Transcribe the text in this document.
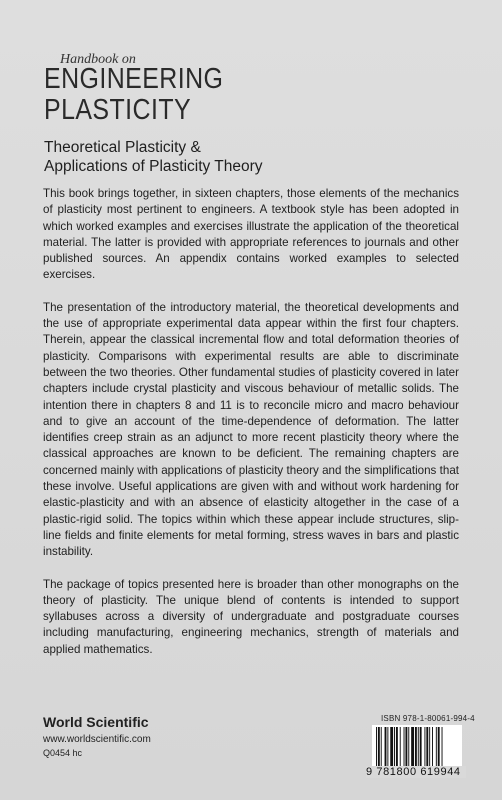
Handbook on
ENGINEERING
PLASTICITY
Theoretical Plasticity &
Applications of Plasticity Theory

This book brings together, in sixteen chapters, those elements of the mechanics of plasticity most pertinent to engineers. A textbook style has been adopted in which worked examples and exercises illustrate the application of the theoretical material. The latter is provided with appropriate references to journals and other published sources. An appendix contains worked examples to selected exercises.

The presentation of the introductory material, the theoretical developments and the use of appropriate experimental data appear within the first four chapters. Therein, appear the classical incremental flow and total deformation theories of plasticity. Comparisons with experimental results are able to discriminate between the two theories. Other fundamental studies of plasticity covered in later chapters include crystal plasticity and viscous behaviour of metallic solids. The intention there in chapters 8 and 11 is to reconcile micro and macro behaviour and to give an account of the time-dependence of deformation. The latter identifies creep strain as an adjunct to more recent plasticity theory where the classical approaches are known to be deficient. The remaining chapters are concerned mainly with applications of plasticity theory and the simplifications that these involve. Useful applications are given with and without work hardening for elastic-plasticity and with an absence of elasticity altogether in the case of a plastic-rigid solid. The topics within which these appear include structures, slip-line fields and finite elements for metal forming, stress waves in bars and plastic instability.

The package of topics presented here is broader than other monographs on the theory of plasticity. The unique blend of contents is intended to support syllabuses across a diversity of undergraduate and postgraduate courses including manufacturing, engineering mechanics, strength of materials and applied mathematics.

World Scientific
www.worldscientific.com
Q0454 hc
ISBN 978-1-80061-994-4
9 781800 619944
